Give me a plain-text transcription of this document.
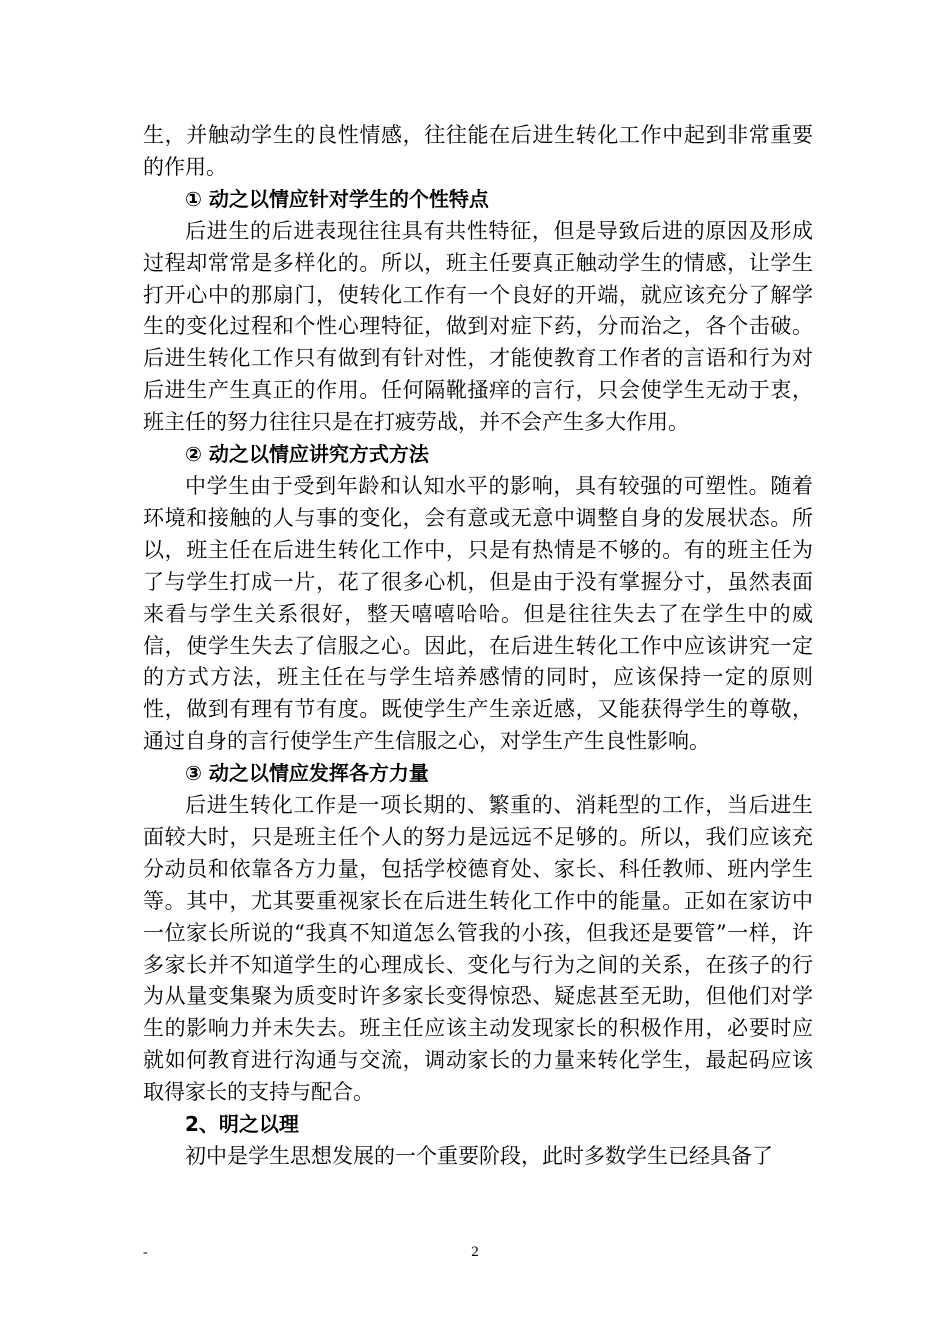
生，并触动学生的良性情感，往往能在后进生转化工作中起到非常重要的作用。

① 动之以情应针对学生的个性特点

后进生的后进表现往往具有共性特征，但是导致后进的原因及形成过程却常常是多样化的。所以，班主任要真正触动学生的情感，让学生打开心中的那扇门，使转化工作有一个良好的开端，就应该充分了解学生的变化过程和个性心理特征，做到对症下药，分而治之，各个击破。后进生转化工作只有做到有针对性，才能使教育工作者的言语和行为对后进生产生真正的作用。任何隔靴搔痒的言行，只会使学生无动于衷，班主任的努力往往只是在打疲劳战，并不会产生多大作用。

② 动之以情应讲究方式方法

中学生由于受到年龄和认知水平的影响，具有较强的可塑性。随着环境和接触的人与事的变化，会有意或无意中调整自身的发展状态。所以，班主任在后进生转化工作中，只是有热情是不够的。有的班主任为了与学生打成一片，花了很多心机，但是由于没有掌握分寸，虽然表面来看与学生关系很好，整天嘻嘻哈哈。但是往往失去了在学生中的威信，使学生失去了信服之心。因此，在后进生转化工作中应该讲究一定的方式方法，班主任在与学生培养感情的同时，应该保持一定的原则性，做到有理有节有度。既使学生产生亲近感，又能获得学生的尊敬，通过自身的言行使学生产生信服之心，对学生产生良性影响。

③ 动之以情应发挥各方力量

后进生转化工作是一项长期的、繁重的、消耗型的工作，当后进生面较大时，只是班主任个人的努力是远远不足够的。所以，我们应该充分动员和依靠各方力量，包括学校德育处、家长、科任教师、班内学生等。其中，尤其要重视家长在后进生转化工作中的能量。正如在家访中一位家长所说的“我真不知道怎么管我的小孩，但我还是要管”一样，许多家长并不知道学生的心理成长、变化与行为之间的关系，在孩子的行为从量变集聚为质变时许多家长变得惊恐、疑虑甚至无助，但他们对学生的影响力并未失去。班主任应该主动发现家长的积极作用，必要时应就如何教育进行沟通与交流，调动家长的力量来转化学生，最起码应该取得家长的支持与配合。

2、明之以理

初中是学生思想发展的一个重要阶段，此时多数学生已经具备了

-	2
